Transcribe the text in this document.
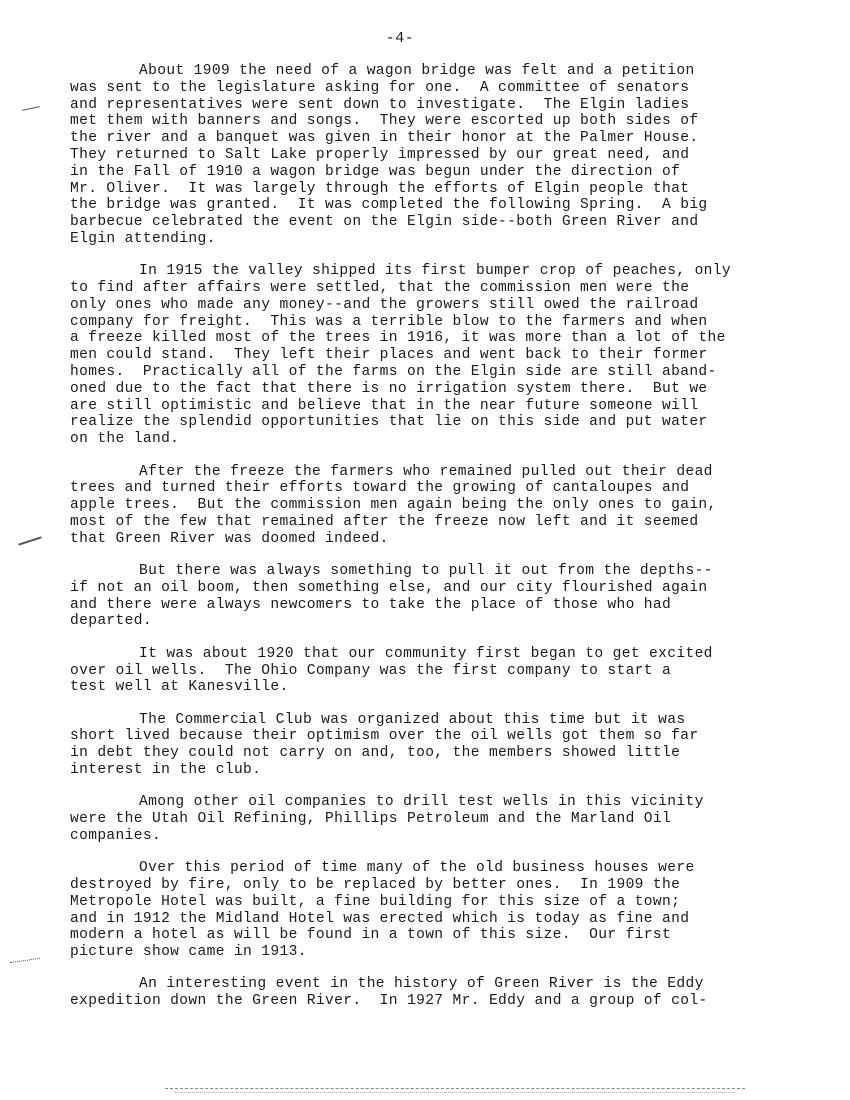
-4-

About 1909 the need of a wagon bridge was felt and a petition
was sent to the legislature asking for one.  A committee of senators
and representatives were sent down to investigate.  The Elgin ladies
met them with banners and songs.  They were escorted up both sides of
the river and a banquet was given in their honor at the Palmer House.
They returned to Salt Lake properly impressed by our great need, and
in the Fall of 1910 a wagon bridge was begun under the direction of
Mr. Oliver.  It was largely through the efforts of Elgin people that
the bridge was granted.  It was completed the following Spring.  A big
barbecue celebrated the event on the Elgin side--both Green River and
Elgin attending.

In 1915 the valley shipped its first bumper crop of peaches, only
to find after affairs were settled, that the commission men were the
only ones who made any money--and the growers still owed the railroad
company for freight.  This was a terrible blow to the farmers and when
a freeze killed most of the trees in 1916, it was more than a lot of the
men could stand.  They left their places and went back to their former
homes.  Practically all of the farms on the Elgin side are still aband-
oned due to the fact that there is no irrigation system there.  But we
are still optimistic and believe that in the near future someone will
realize the splendid opportunities that lie on this side and put water
on the land.

After the freeze the farmers who remained pulled out their dead
trees and turned their efforts toward the growing of cantaloupes and
apple trees.  But the commission men again being the only ones to gain,
most of the few that remained after the freeze now left and it seemed
that Green River was doomed indeed.

But there was always something to pull it out from the depths--
if not an oil boom, then something else, and our city flourished again
and there were always newcomers to take the place of those who had
departed.

It was about 1920 that our community first began to get excited
over oil wells.  The Ohio Company was the first company to start a
test well at Kanesville.

The Commercial Club was organized about this time but it was
short lived because their optimism over the oil wells got them so far
in debt they could not carry on and, too, the members showed little
interest in the club.

Among other oil companies to drill test wells in this vicinity
were the Utah Oil Refining, Phillips Petroleum and the Marland Oil
companies.

Over this period of time many of the old business houses were
destroyed by fire, only to be replaced by better ones.  In 1909 the
Metropole Hotel was built, a fine building for this size of a town;
and in 1912 the Midland Hotel was erected which is today as fine and
modern a hotel as will be found in a town of this size.  Our first
picture show came in 1913.

An interesting event in the history of Green River is the Eddy
expedition down the Green River.  In 1927 Mr. Eddy and a group of col-
